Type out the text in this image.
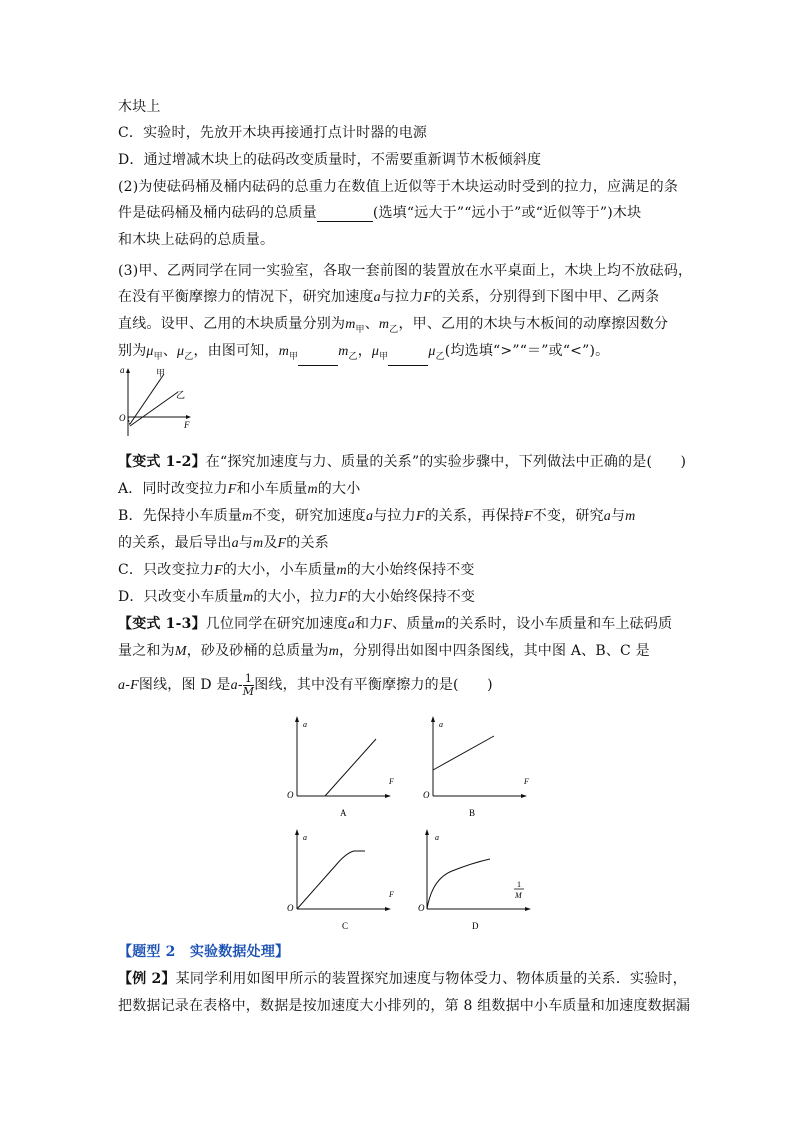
木块上
C．实验时，先放开木块再接通打点计时器的电源
D．通过增减木块上的砝码改变质量时，不需要重新调节木板倾斜度
(2)为使砝码桶及桶内砝码的总重力在数值上近似等于木块运动时受到的拉力，应满足的条
件是砝码桶及桶内砝码的总质量	(选填“远大于”“远小于”或“近似等于”)木块
和木块上砝码的总质量。
(3)甲、乙两同学在同一实验室，各取一套前图的装置放在水平桌面上，木块上均不放砝码，
在没有平衡摩擦力的情况下，研究加速度a与拉力F的关系，分别得到下图中甲、乙两条
直线。设甲、乙用的木块质量分别为$m_甲$、$m_乙$，甲、乙用的木块与木板间的动摩擦因数分
别为$\mu_甲$、$\mu_乙$，由图可知，$m_甲$	$m_乙$，$\mu_甲$	$\mu_乙$(均选填“>”“＝”或“<”)。
a
O
F
甲
乙
【变式 1-2】在“探究加速度与力、质量的关系”的实验步骤中，下列做法中正确的是(　　)
A．同时改变拉力F和小车质量m的大小
B．先保持小车质量m不变，研究加速度a与拉力F的关系，再保持F不变，研究a与m
的关系，最后导出a与m及F的关系
C．只改变拉力F的大小，小车质量m的大小始终保持不变
D．只改变小车质量m的大小，拉力F的大小始终保持不变
【变式 1-3】几位同学在研究加速度a和力F、质量m的关系时，设小车质量和车上砝码质
量之和为M，砂及砂桶的总质量为m，分别得出如图中四条图线，其中图 A、B、C 是
a-F图线，图 D 是$a- \frac{1}{M}$ 图线，其中没有平衡摩擦力的是(　　)
a
O
F
A
a
O
F
B
a
O
F
C
a
O
1
M
D
【题型 2　实验数据处理】
【例 2】某同学利用如图甲所示的装置探究加速度与物体受力、物体质量的关系．实验时，
把数据记录在表格中，数据是按加速度大小排列的，第 8 组数据中小车质量和加速度数据漏
